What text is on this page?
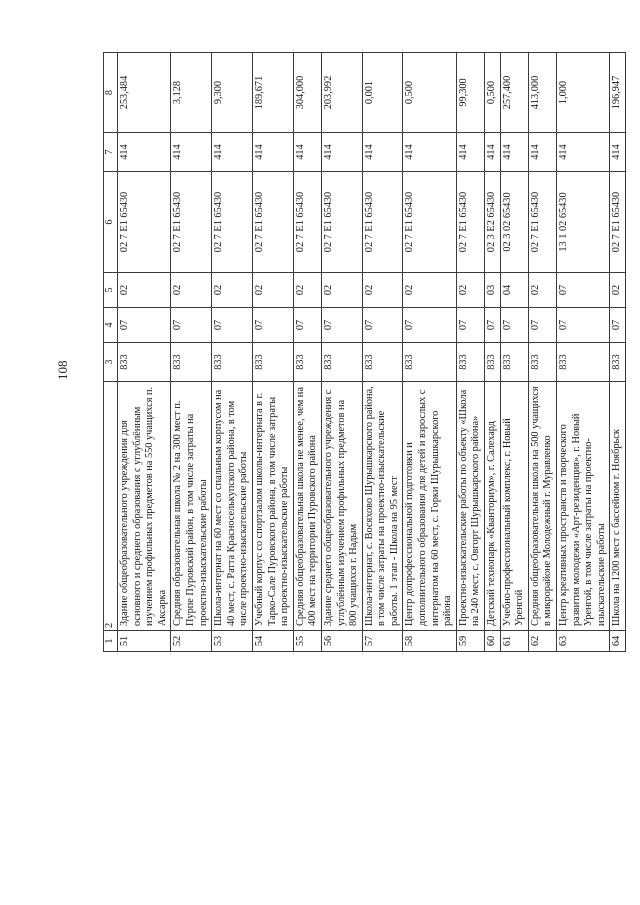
108
1	2	3	4	5	6	7	8
51	Здание общеобразовательного учреждения для основного и среднего образования с углублённым изучением профильных предметов на 550 учащихся п. Аксарка	833	07	02	02 7 Е1 65430	414	253,484
52	Средняя образовательная школа № 2 на 300 мест п. Пурпе Пуровский район, в том числе затраты на проектно-изыскательские работы	833	07	02	02 7 Е1 65430	414	3,128
53	Школа-интернат на 60 мест со спальным корпусом на 40 мест, с. Ратта Красноселькупского района, в том числе проектно-изыскательские работы	833	07	02	02 7 Е1 65430	414	9,300
54	Учебный корпус со спортзалом школы-интерната в г. Тарко-Сале Пуровского района, в том числе затраты на проектно-изыскательские работы	833	07	02	02 7 Е1 65430	414	189,671
55	Средняя общеобразовательная школа не менее, чем на 400 мест на территории Пуровского района	833	07	02	02 7 Е1 65430	414	304,000
56	Здание среднего общеобразовательного учреждения с углублённым изучением профильных предметов на 800 учащихся г. Надым	833	07	02	02 7 Е1 65430	414	203,992
57	Школа-интернат, с. Восяхово Шурышкарского района, в том числе затраты на проектно-изыскательские работы. 1 этап - Школа на 95 мест	833	07	02	02 7 Е1 65430	414	0,001
58	Центр допрофессиональной подготовки и дополнительного образования для детей и взрослых с интернатом на 60 мест, с. Горки Шурышкарского района	833	07	02	02 7 Е1 65430	414	0,500
59	Проектно-изыскательские работы по объекту «Школа на 240 мест, с. Овгорт Шурышкарского района»	833	07	02	02 7 Е1 65430	414	99,300
60	Детский технопарк «Кванториум», г. Салехард	833	07	03	02 3 Е2 65430	414	0,500
61	Учебно-профессиональный комплекс, г. Новый Уренгой	833	07	04	02 3 02 65430	414	257,400
62	Средняя общеобразовательная школа на 500 учащихся в микрорайоне Молодежный г. Муравленко	833	07	02	02 7 Е1 65430	414	413,000
63	Центр креативных пространств и творческого развития молодежи «Арт-резиденция», г. Новый Уренгой, в том числе затраты на проектно-изыскательские работы	833	07	07	13 1 02 65430	414	1,000
64	Школа на 1200 мест с бассейном г. Ноябрьск	833	07	02	02 7 Е1 65430	414	196,947
